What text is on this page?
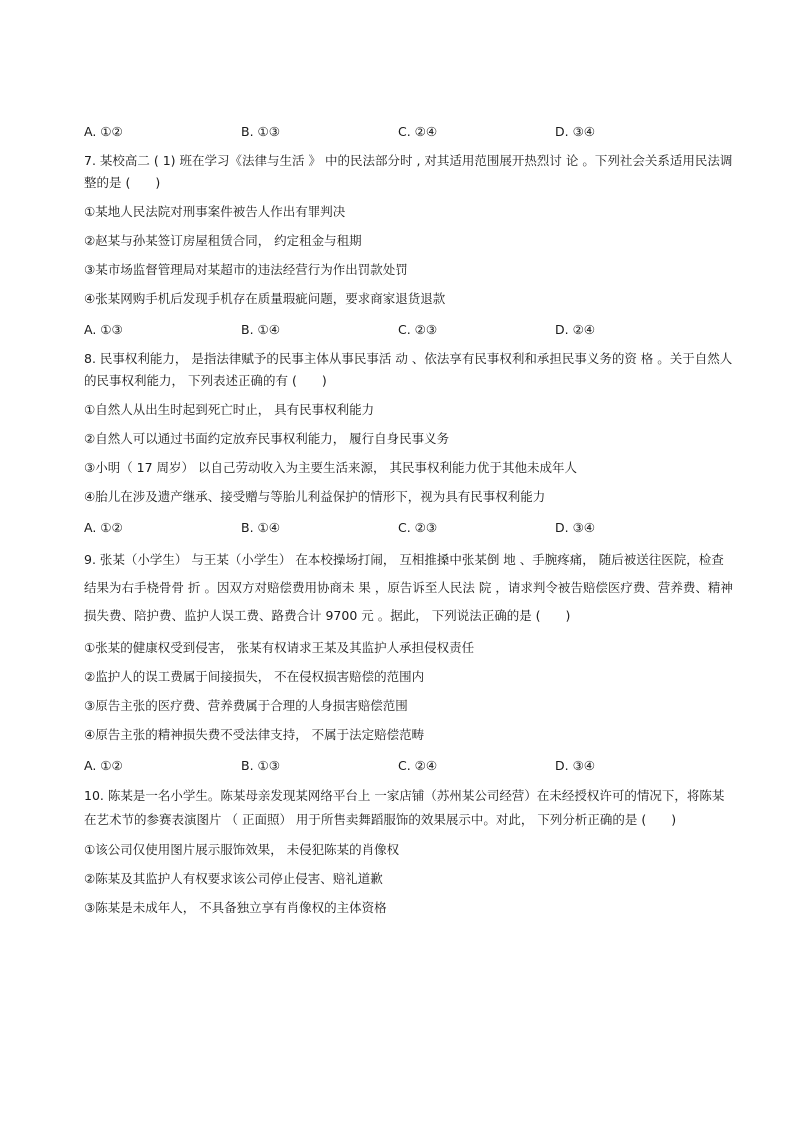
A. ①②	B. ①③	C. ②④	D. ③④

7. 某校高二 ( 1) 班在学习《法律与生活 》 中的民法部分时 , 对其适用范围展开热烈讨 论 。下列社会关系适用民法调整的是 (　　)

①某地人民法院对刑事案件被告人作出有罪判决
②赵某与孙某签订房屋租赁合同， 约定租金与租期
③某市场监督管理局对某超市的违法经营行为作出罚款处罚
④张某网购手机后发现手机存在质量瑕疵问题，要求商家退货退款
A. ①③	B. ①④	C. ②③	D. ②④

8. 民事权利能力， 是指法律赋予的民事主体从事民事活 动 、依法享有民事权利和承担民事义务的资 格 。关于自然人的民事权利能力， 下列表述正确的有 (　　)

①自然人从出生时起到死亡时止， 具有民事权利能力
②自然人可以通过书面约定放弃民事权利能力， 履行自身民事义务
③小明（ 17 周岁） 以自己劳动收入为主要生活来源， 其民事权利能力优于其他未成年人
④胎儿在涉及遗产继承、接受赠与等胎儿利益保护的情形下，视为具有民事权利能力
A. ①②	B. ①④	C. ②③	D. ③④

9. 张某（小学生） 与王某（小学生） 在本校操场打闹， 互相推搡中张某倒 地 、手腕疼痛， 随后被送往医院，检查结果为右手桡骨骨 折 。因双方对赔偿费用协商未 果 ，原告诉至人民法 院 ，请求判令被告赔偿医疗费、营养费、精神损失费、陪护费、监护人误工费、路费合计 9700 元 。据此， 下列说法正确的是 (　　)

①张某的健康权受到侵害， 张某有权请求王某及其监护人承担侵权责任
②监护人的误工费属于间接损失， 不在侵权损害赔偿的范围内
③原告主张的医疗费、营养费属于合理的人身损害赔偿范围
④原告主张的精神损失费不受法律支持， 不属于法定赔偿范畴
A. ①②	B. ①③	C. ②④	D. ③④

10. 陈某是一名小学生。陈某母亲发现某网络平台上 一家店铺（苏州某公司经营）在未经授权许可的情况下，将陈某在艺术节的参赛表演图片 （ 正面照） 用于所售卖舞蹈服饰的效果展示中。对此， 下列分析正确的是 (　　)

①该公司仅使用图片展示服饰效果， 未侵犯陈某的肖像权
②陈某及其监护人有权要求该公司停止侵害、赔礼道歉
③陈某是未成年人， 不具备独立享有肖像权的主体资格
